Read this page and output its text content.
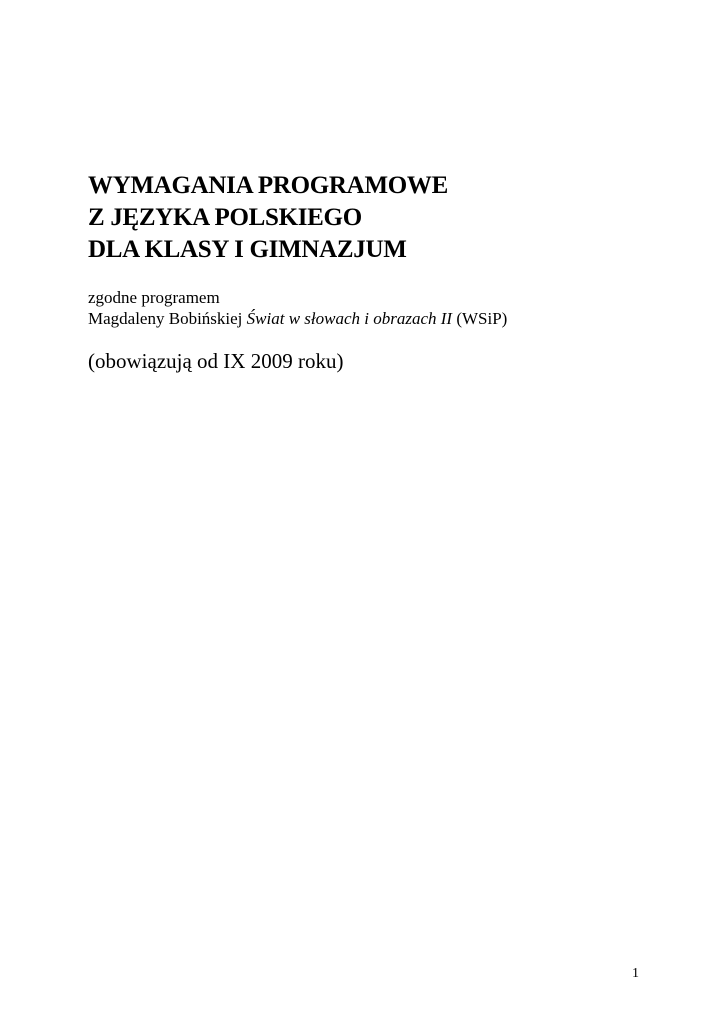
WYMAGANIA PROGRAMOWE
Z JĘZYKA POLSKIEGO
DLA KLASY I GIMNAZJUM
zgodne programem
Magdaleny Bobińskiej Świat w słowach i obrazach II (WSiP)
(obowiązują od IX 2009 roku)
1
